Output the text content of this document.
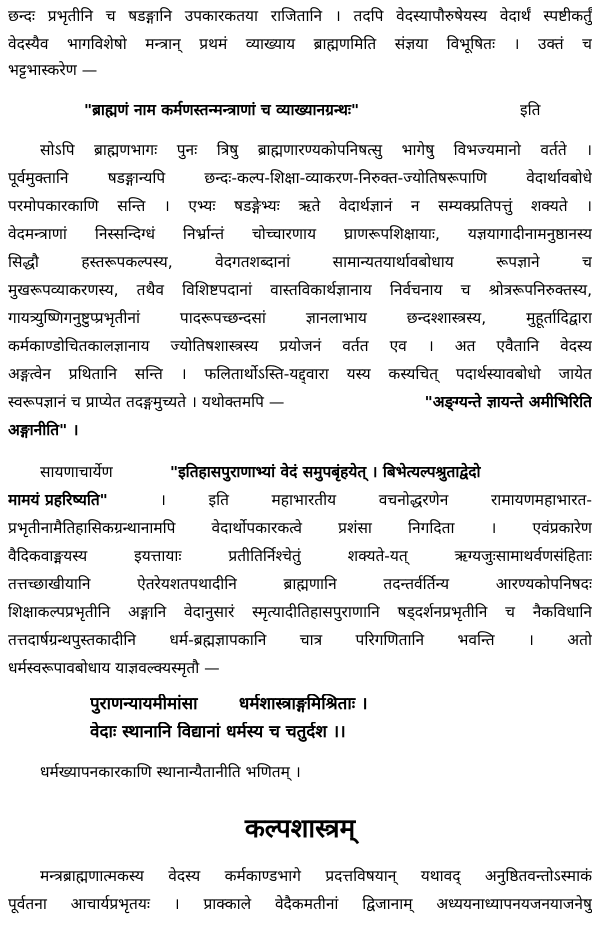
छन्दः प्रभृतीनि च षडङ्गानि उपकारकतया राजितानि । तदपि वेदस्यापौरुषेयस्य वेदार्थं स्पष्टीकर्तुं

वेदस्यैव भागविशेषो मन्त्रान् प्रथमं व्याख्याय ब्राह्मणमिति संज्ञया विभूषितः । उक्तं च

भट्टभास्करेण —

"ब्राह्मणं नाम कर्मणस्तन्मन्त्राणां च व्याख्यानग्रन्थः"	इति

सोऽपि ब्राह्मणभागः पुनः त्रिषु ब्राह्मणारण्यकोपनिषत्सु भागेषु विभज्यमानो वर्तते ।

पूर्वमुक्तानि षडङ्गान्यपि छन्दः-कल्प-शिक्षा-व्याकरण-निरुक्त-ज्योतिषरूपाणि वेदार्थावबोधे

परमोपकारकाणि सन्ति । एभ्यः षडङ्गेभ्यः ऋते वेदार्थज्ञानं न सम्यक्प्रतिपत्तुं शक्यते ।

वेदमन्त्राणां निस्सन्दिग्धं निर्भ्रान्तं चोच्चारणाय घ्राणरूपशिक्षायाः, यज्ञयागादीनामनुष्ठानस्य

सिद्धौ हस्तरूपकल्पस्य, वेदगतशब्दानां सामान्यतयार्थावबोधाय रूपज्ञाने च

मुखरूपव्याकरणस्य, तथैव विशिष्टपदानां वास्तविकार्थज्ञानाय निर्वचनाय च श्रोत्ररूपनिरुक्तस्य,

गायत्र्युष्णिगनुष्टुप्प्रभृतीनां पादरूपच्छन्दसां ज्ञानलाभाय छन्दश्शास्त्रस्य, मुहूर्तादिद्वारा

कर्मकाण्डोचितकालज्ञानाय ज्योतिषशास्त्रस्य प्रयोजनं वर्तत एव । अत एवैतानि वेदस्य

अङ्गत्वेन प्रथितानि सन्ति । फलितार्थोऽस्ति-यद्द्वारा यस्य कस्यचित् पदार्थस्यावबोधो जायेत

स्वरूपज्ञानं च प्राप्येत तदङ्गमुच्यते । यथोक्तमपि —	"अङ्ग्यन्ते ज्ञायन्ते अमीभिरिति

अङ्गानीति" ।

सायणाचार्येण	"इतिहासपुराणाभ्यां वेदं समुपबृंहयेत् । बिभेत्यल्पश्रुताद्वेदो

मामयं प्रहरिष्यति"	। इति महाभारतीय वचनोद्धरणेन रामायणमहाभारत-

प्रभृतीनामैतिहासिकग्रन्थानामपि वेदार्थोपकारकत्वे प्रशंसा निगदिता । एवंप्रकारेण

वैदिकवाङ्मयस्य इयत्तायाः प्रतीतिर्निश्चेतुं शक्यते-यत् ऋग्यजुःसामाथर्वणसंहिताः

तत्तच्छाखीयानि ऐतरेयशतपथादीनि ब्राह्मणानि तदन्तर्वर्तिन्य आरण्यकोपनिषदः

शिक्षाकल्पप्रभृतीनि अङ्गानि वेदानुसारं स्मृत्यादीतिहासपुराणानि षड्दर्शनप्रभृतीनि च नैकविधानि

तत्तदार्षग्रन्थपुस्तकादीनि धर्म-ब्रह्मज्ञापकानि चात्र परिगणितानि भवन्ति । अतो

धर्मस्वरूपावबोधाय याज्ञवल्क्यस्मृतौ —

पुराणन्यायमीमांसा       धर्मशास्त्राङ्गमिश्रिताः ।

वेदाः स्थानानि विद्यानां धर्मस्य च चतुर्दश ।।

धर्मख्यापनकारकाणि स्थानान्यैतानीति भणितम् ।

कल्पशास्त्रम्

मन्त्रब्राह्मणात्मकस्य वेदस्य कर्मकाण्डभागे प्रदत्तविषयान् यथावद् अनुष्ठितवन्तोऽस्माकं

पूर्वतना आचार्यप्रभृतयः । प्राक्काले वेदैकमतीनां द्विजानाम् अध्ययनाध्यापनयजनयाजनेषु
